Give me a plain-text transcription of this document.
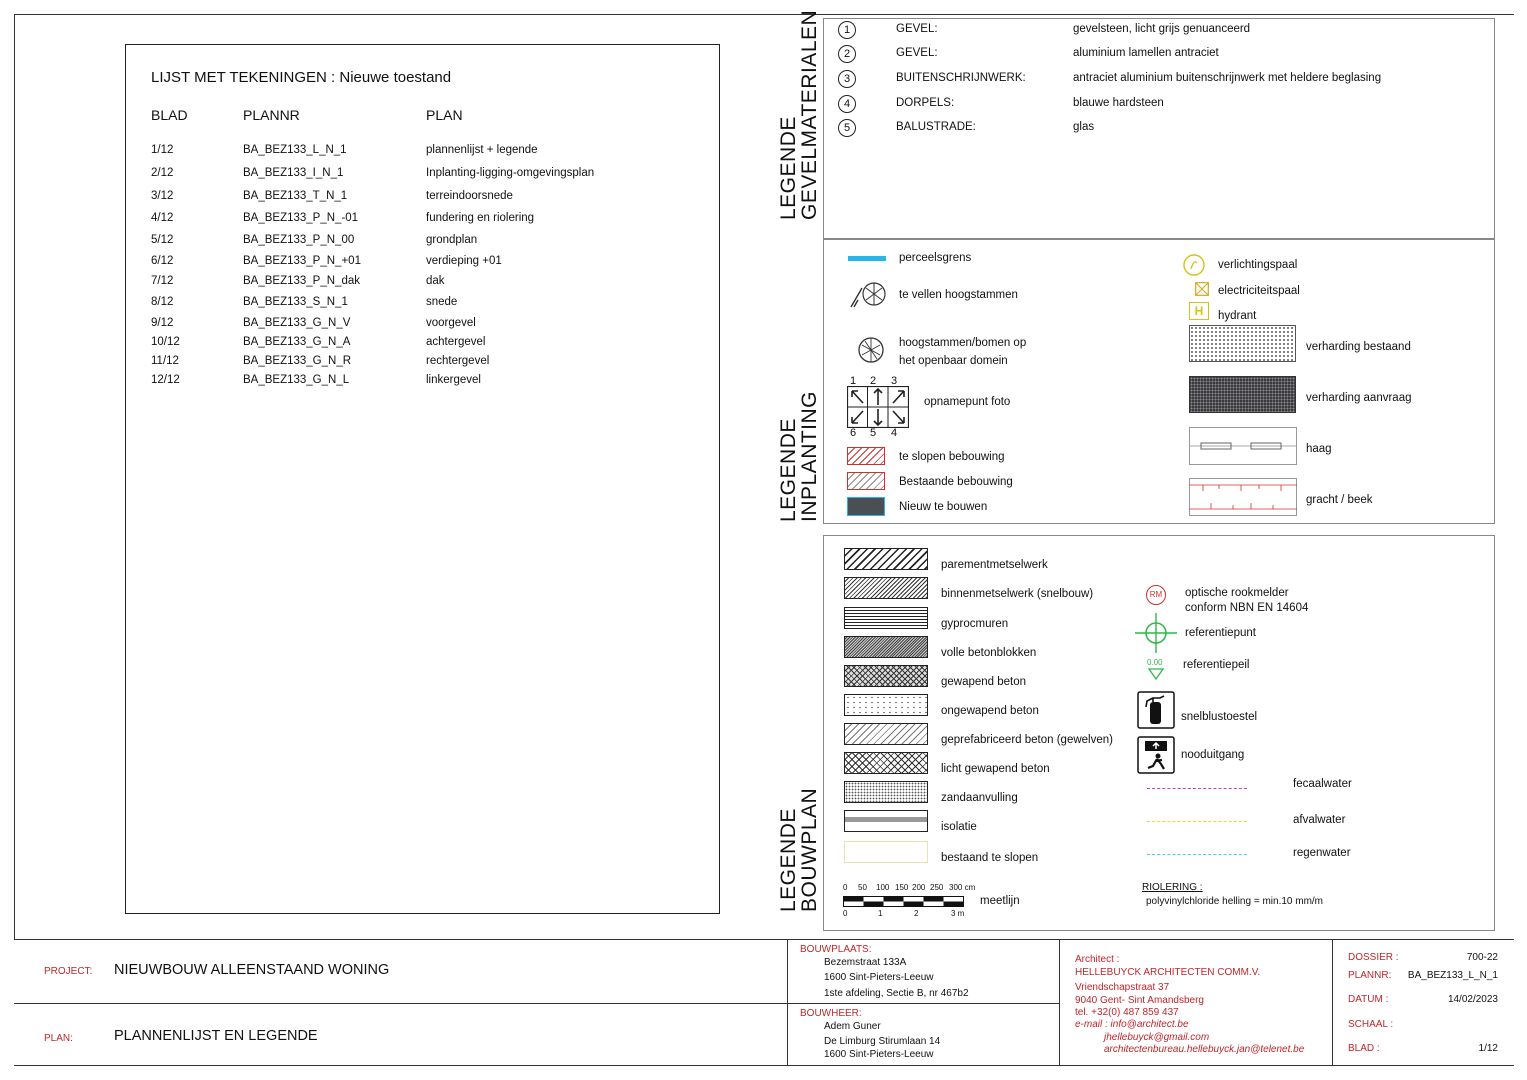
LIJST MET TEKENINGEN : Nieuwe toestand
BLAD	PLANNR	PLAN
1/12	BA_BEZ133_L_N_1	plannenlijst + legende
2/12	BA_BEZ133_I_N_1	Inplanting-ligging-omgevingsplan
3/12	BA_BEZ133_T_N_1	terreindoorsnede
4/12	BA_BEZ133_P_N_-01	fundering en riolering
5/12	BA_BEZ133_P_N_00	grondplan
6/12	BA_BEZ133_P_N_+01	verdieping +01
7/12	BA_BEZ133_P_N_dak	dak
8/12	BA_BEZ133_S_N_1	snede
9/12	BA_BEZ133_G_N_V	voorgevel
10/12	BA_BEZ133_G_N_A	achtergevel
11/12	BA_BEZ133_G_N_R	rechtergevel
12/12	BA_BEZ133_G_N_L	linkergevel
LEGENDE
GEVELMATERIALEN	1	GEVEL:	gevelsteen, licht grijs genuanceerd
2	GEVEL:	aluminium lamellen antraciet
3	BUITENSCHRIJNWERK:	antraciet aluminium buitenschrijnwerk met heldere beglasing
4	DORPELS:	blauwe hardsteen
5	BALUSTRADE:	glas
LEGENDE
INPLANTING
perceelsgrens
te vellen hoogstammen
hoogstammen/bomen op
het openbaar domein
1 2 3
6 5 4
opnamepunt foto
te slopen bebouwing
Bestaande bebouwing
Nieuw te bouwen
verlichtingspaal
electriciteitspaal
H	hydrant
verharding bestaand
verharding aanvraag
haag
gracht / beek
LEGENDE
BOUWPLAN
parementmetselwerk
binnenmetselwerk (snelbouw)
gyprocmuren
volle betonblokken
gewapend beton
ongewapend beton
geprefabriceerd beton (gewelven)
licht gewapend beton
zandaanvulling
isolatie
bestaand te slopen
RM	optische rookmelder
conform NBN EN 14604
referentiepunt
0.00 referentiepeil
snelblustoestel
nooduitgang
fecaalwater
afvalwater
regenwater
RIOLERING :
polyvinylchloride helling = min.10 mm/m
0 50 100 150 200 250 300 cm
0	1	2	3 m
meetlijn
PROJECT: NIEUWBOUW ALLEENSTAAND WONING
PLAN:	PLANNENLIJST EN LEGENDE
BOUWPLAATS:
Bezemstraat 133A
1600 Sint-Pieters-Leeuw
1ste afdeling, Sectie B, nr 467b2
BOUWHEER:
Adem Guner
De Limburg Stirumlaan 14
1600 Sint-Pieters-Leeuw
Architect :
HELLEBUYCK ARCHITECTEN COMM.V.
Vriendschapstraat 37
9040 Gent- Sint Amandsberg
tel. +32(0) 487 859 437
e-mail : info@architect.be
jhellebuyck@gmail.com
architectenbureau.hellebuyck.jan@telenet.be
DOSSIER :	700-22
PLANNR:	BA_BEZ133_L_N_1
DATUM :	14/02/2023
SCHAAL :
BLAD :	1/12
